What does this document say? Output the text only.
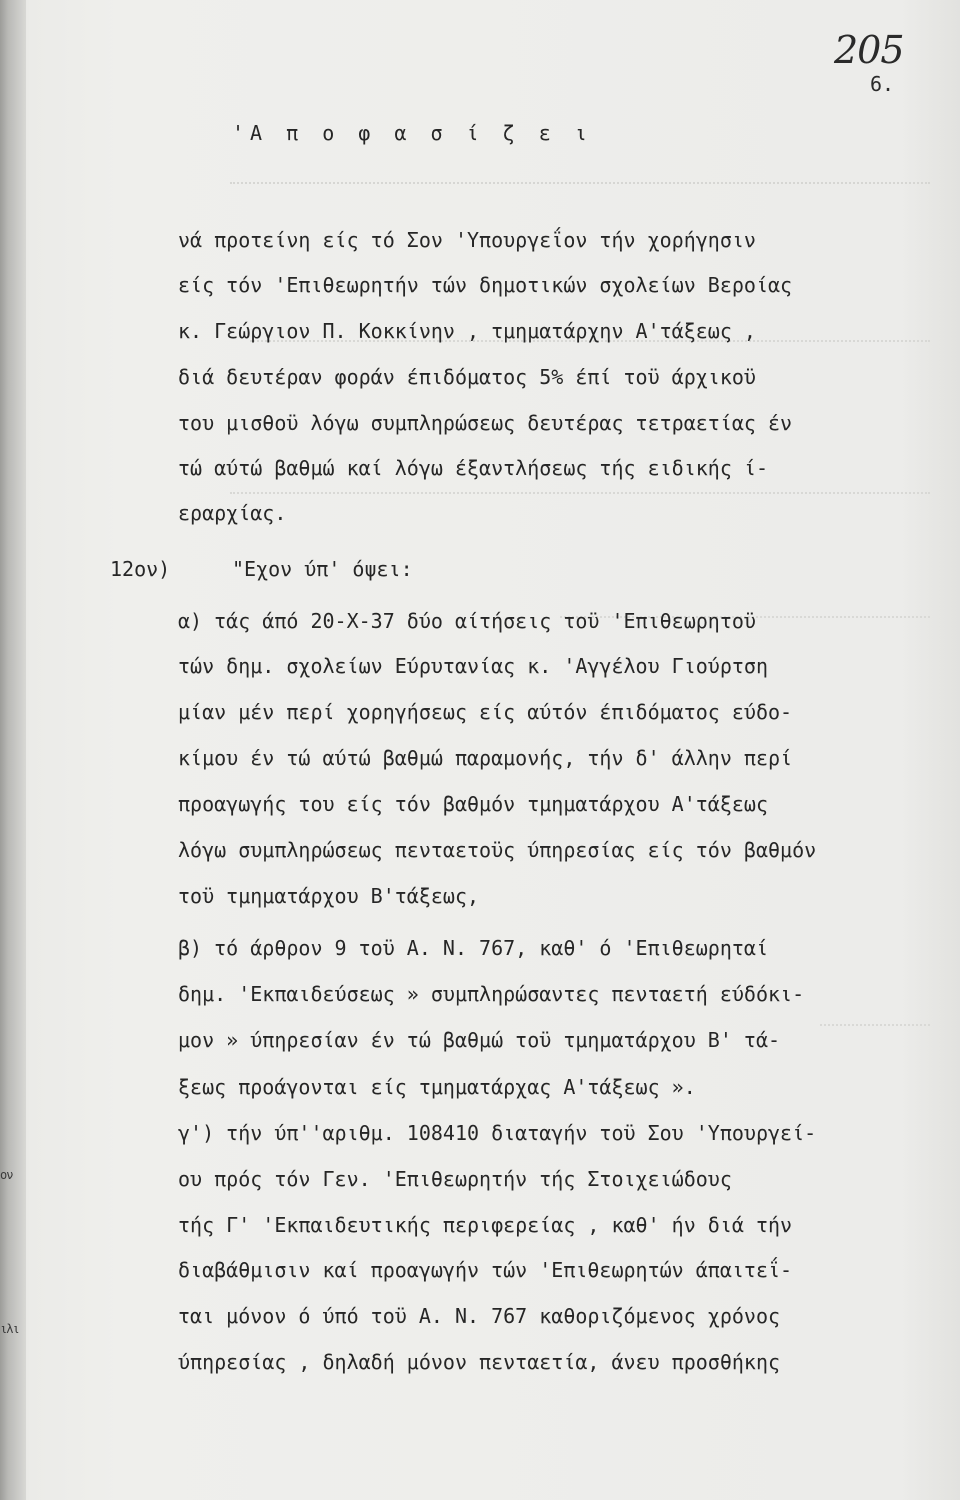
ον
ιλι
205
6.
'Α π ο φ α σ ί ζ ε ι
νά προτείνη είς τό Σον 'Υπουργεΐον τήν χορήγησιν
είς τόν 'Επιθεωρητήν τών δημοτικών σχολείων Βεροίας
κ. Γεώργιον Π. Κοκκίνην , τμηματάρχην Α'τάξεως ,
διά δευτέραν φοράν έπιδόματος 5% έπί τοϋ άρχικοϋ
του μισθοϋ λόγω συμπληρώσεως δευτέρας τετραετίας έν
τώ αύτώ βαθμώ καί λόγω έξαντλήσεως τής ειδικής ί-
εραρχίας.
12ον)	"Εχον ύπ' όψει:
α) τάς άπό 20-Χ-37 δύο αίτήσεις τοϋ 'Επιθεωρητοϋ
τών δημ. σχολείων Εύρυτανίας κ. 'Αγγέλου Γιούρτση
μίαν μέν περί χορηγήσεως είς αύτόν έπιδόματος εύδο-
κίμου έν τώ αύτώ βαθμώ παραμονής, τήν δ' άλλην περί
προαγωγής του είς τόν βαθμόν τμηματάρχου Α'τάξεως
λόγω συμπληρώσεως πενταετοϋς ύπηρεσίας είς τόν βαθμόν
τοϋ τμηματάρχου Β'τάξεως,
β) τό άρθρον 9 τοϋ Α. Ν. 767, καθ' ό 'Επιθεωρηταί
δημ. 'Εκπαιδεύσεως » συμπληρώσαντες πενταετή εύδόκι-
μον » ύπηρεσίαν έν τώ βαθμώ τοϋ τμηματάρχου Β' τά-
ξεως προάγονται είς τμηματάρχας Α'τάξεως ».
γ') τήν ύπ''αριθμ. 108410 διαταγήν τοϋ Σου 'Υπουργεί-
ου πρός τόν Γεν. 'Επιθεωρητήν τής Στοιχειώδους
τής Γ' 'Εκπαιδευτικής περιφερείας , καθ' ήν διά τήν
διαβάθμισιν καί προαγωγήν τών 'Επιθεωρητών άπαιτεΐ-
ται μόνον ό ύπό τοϋ Α. Ν. 767 καθοριζόμενος χρόνος
ύπηρεσίας , δηλαδή μόνον πενταετία, άνευ προσθήκης
